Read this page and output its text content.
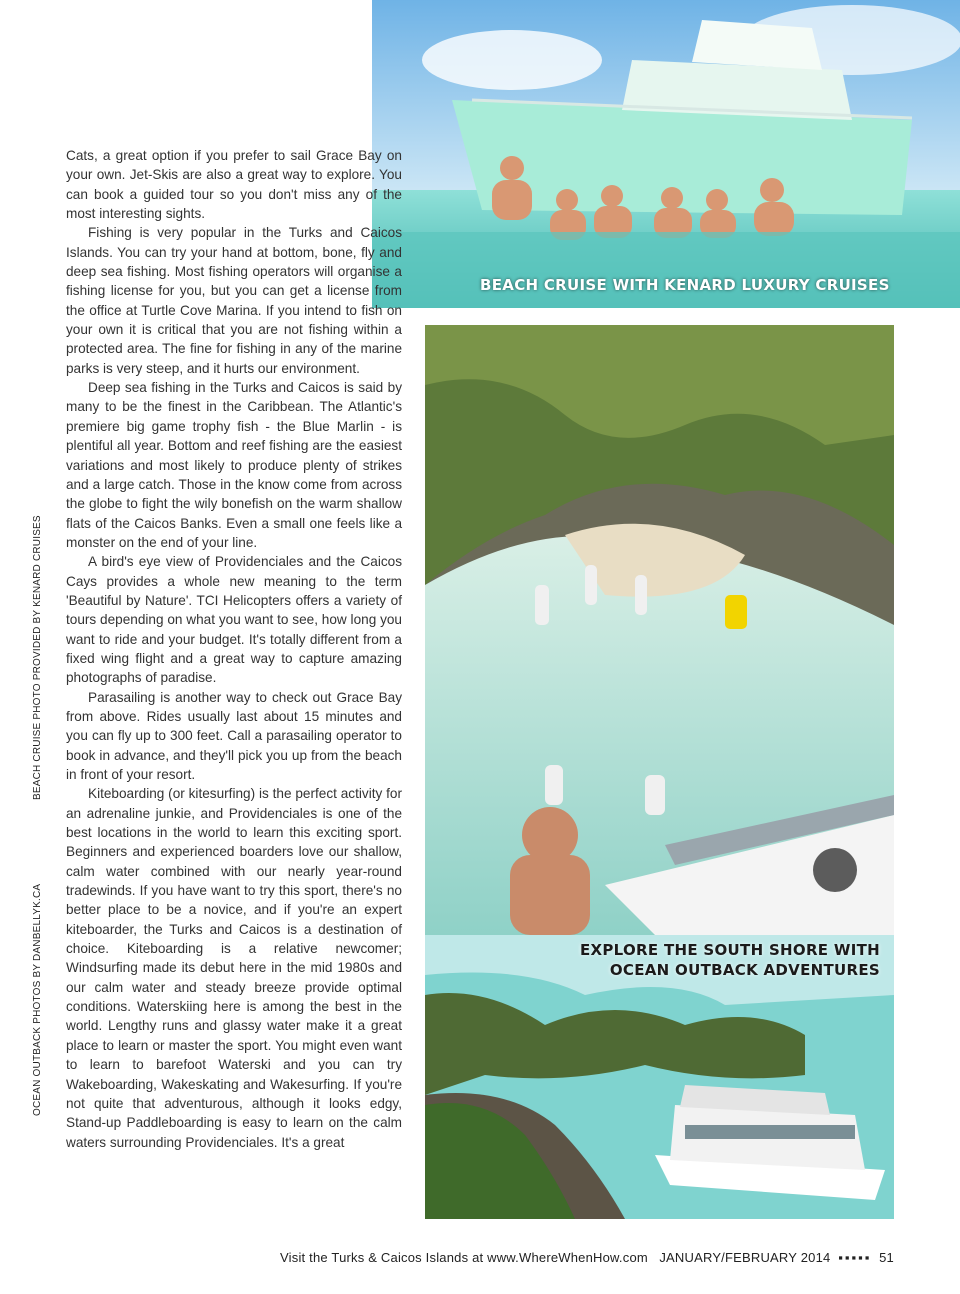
BEACH CRUISE WITH KENARD LUXURY CRUISES
EXPLORE THE SOUTH SHORE WITH
OCEAN OUTBACK ADVENTURES
BEACH CRUISE PHOTO PROVIDED BY KENARD CRUISES
OCEAN OUTBACK PHOTOS BY DANBELLYK.CA

Cats, a great option if you prefer to sail Grace Bay on your own. Jet-Skis are also a great way to explore. You can book a guided tour so you don't miss any of the most interesting sights.

Fishing is very popular in the Turks and Caicos Islands. You can try your hand at bottom, bone, fly and deep sea fishing. Most fishing operators will organise a fishing license for you, but you can get a license from the office at Turtle Cove Marina. If you intend to fish on your own it is critical that you are not fishing within a protected area. The fine for fishing in any of the marine parks is very steep, and it hurts our environment.

Deep sea fishing in the Turks and Caicos is said by many to be the finest in the Caribbean. The Atlantic's premiere big game trophy fish - the Blue Marlin - is plentiful all year. Bottom and reef fishing are the easiest variations and most likely to produce plenty of strikes and a large catch. Those in the know come from across the globe to fight the wily bonefish on the warm shallow flats of the Caicos Banks. Even a small one feels like a monster on the end of your line.

A bird's eye view of Providenciales and the Caicos Cays provides a whole new meaning to the term 'Beautiful by Nature'. TCI Helicopters offers a variety of tours depending on what you want to see, how long you want to ride and your budget. It's totally different from a fixed wing flight and a great way to capture amazing photographs of paradise.

Parasailing is another way to check out Grace Bay from above. Rides usually last about 15 minutes and you can fly up to 300 feet. Call a parasailing operator to book in advance, and they'll pick you up from the beach in front of your resort.

Kiteboarding (or kitesurfing) is the perfect activity for an adrenaline junkie, and Providenciales is one of the best locations in the world to learn this exciting sport. Beginners and experienced boarders love our shallow, calm water combined with our nearly year-round tradewinds. If you have want to try this sport, there's no better place to be a novice, and if you're an expert kiteboarder, the Turks and Caicos is a destination of choice. Kiteboarding is a relative newcomer; Windsurfing made its debut here in the mid 1980s and our calm water and steady breeze provide optimal conditions. Waterskiing here is among the best in the world. Lengthy runs and glassy water make it a great place to learn or master the sport. You might even want to learn to barefoot Waterski and you can try Wakeboarding, Wakeskating and Wakesurfing. If you're not quite that adventurous, although it looks edgy, Stand-up Paddleboarding is easy to learn on the calm waters surrounding Providenciales. It's a great

Visit the Turks & Caicos Islands at www.WhereWhenHow.com JANUARY/FEBRUARY 2014 ▪▪▪▪▪ 51
